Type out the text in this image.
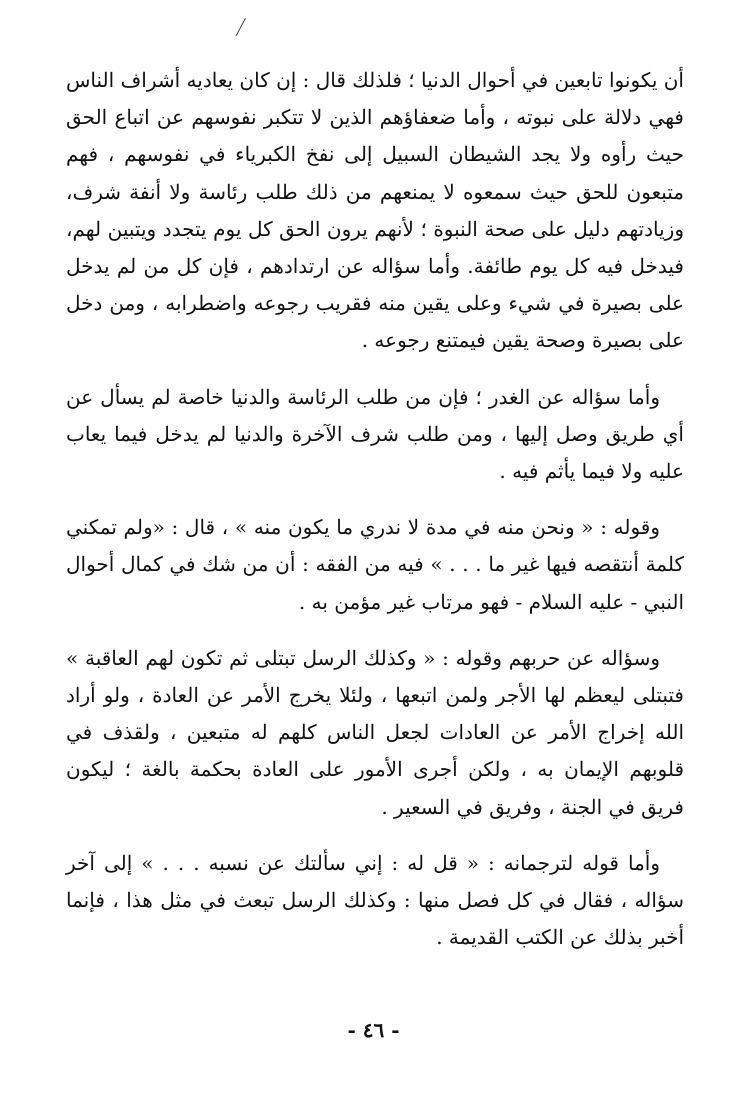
أن يكونوا تابعين في أحوال الدنيا ؛ فلذلك قال : إن كان يعاديه أشراف الناس فهي دلالة على نبوته ، وأما ضعفاؤهم الذين لا تتكبر نفوسهم عن اتباع الحق حيث رأوه ولا يجد الشيطان السبيل إلى نفخ الكبرياء في نفوسهم ، فهم متبعون للحق حيث سمعوه لا يمنعهم من ذلك طلب رئاسة ولا أنفة شرف، وزيادتهم دليل على صحة النبوة ؛ لأنهم يرون الحق كل يوم يتجدد ويتبين لهم، فيدخل فيه كل يوم طائفة. وأما سؤاله عن ارتدادهم ، فإن كل من لم يدخل على بصيرة في شيء وعلى يقين منه فقريب رجوعه واضطرابه ، ومن دخل على بصيرة وصحة يقين فيمتنع رجوعه .

وأما سؤاله عن الغدر ؛ فإن من طلب الرئاسة والدنيا خاصة لم يسأل عن أي طريق وصل إليها ، ومن طلب شرف الآخرة والدنيا لم يدخل فيما يعاب عليه ولا فيما يأثم فيه .

وقوله : « ونحن منه في مدة لا ندري ما يكون منه » ، قال : «ولم تمكني كلمة أنتقصه فيها غير ما . . . » فيه من الفقه : أن من شك في كمال أحوال النبي - عليه السلام - فهو مرتاب غير مؤمن به .

وسؤاله عن حربهم وقوله : « وكذلك الرسل تبتلى ثم تكون لهم العاقبة » فتبتلى ليعظم لها الأجر ولمن اتبعها ، ولئلا يخرج الأمر عن العادة ، ولو أراد الله إخراج الأمر عن العادات لجعل الناس كلهم له متبعين ، ولقذف في قلوبهم الإيمان به ، ولكن أجرى الأمور على العادة بحكمة بالغة ؛ ليكون فريق في الجنة ، وفريق في السعير .

وأما قوله لترجمانه : « قل له : إني سألتك عن نسبه . . . » إلى آخر سؤاله ، فقال في كل فصل منها : وكذلك الرسل تبعث في مثل هذا ، فإنما أخبر بذلك عن الكتب القديمة .

- ٤٦ -
